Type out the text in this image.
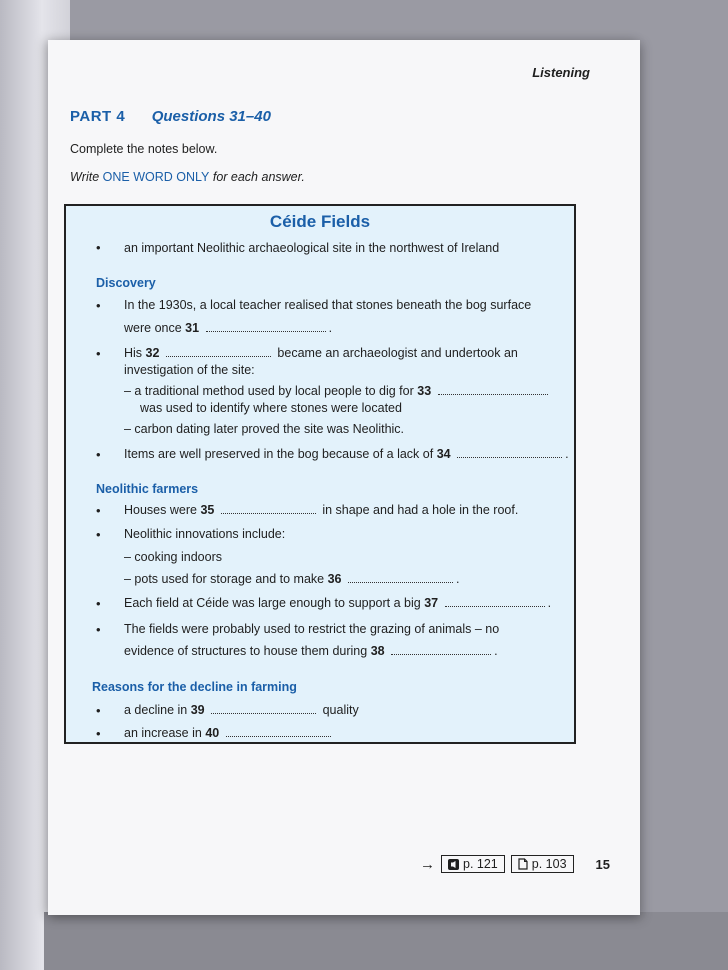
Listening
PART 4 Questions 31–40
Complete the notes below.
Write ONE WORD ONLY for each answer.
Céide Fields
• an important Neolithic archaeological site in the northwest of Ireland
Discovery
• In the 1930s, a local teacher realised that stones beneath the bog surface
were once 31	.
• His 32	became an archaeologist and undertook an
investigation of the site:
– a traditional method used by local people to dig for 33
was used to identify where stones were located
– carbon dating later proved the site was Neolithic.
• Items are well preserved in the bog because of a lack of 34	.
Neolithic farmers
• Houses were 35	in shape and had a hole in the roof.
• Neolithic innovations include:
– cooking indoors
– pots used for storage and to make 36	.
• Each field at Céide was large enough to support a big 37	.
• The fields were probably used to restrict the grazing of animals – no
evidence of structures to house them during 38	.
Reasons for the decline in farming
• a decline in 39	quality
• an increase in 40
→ p. 121	p. 103 15
